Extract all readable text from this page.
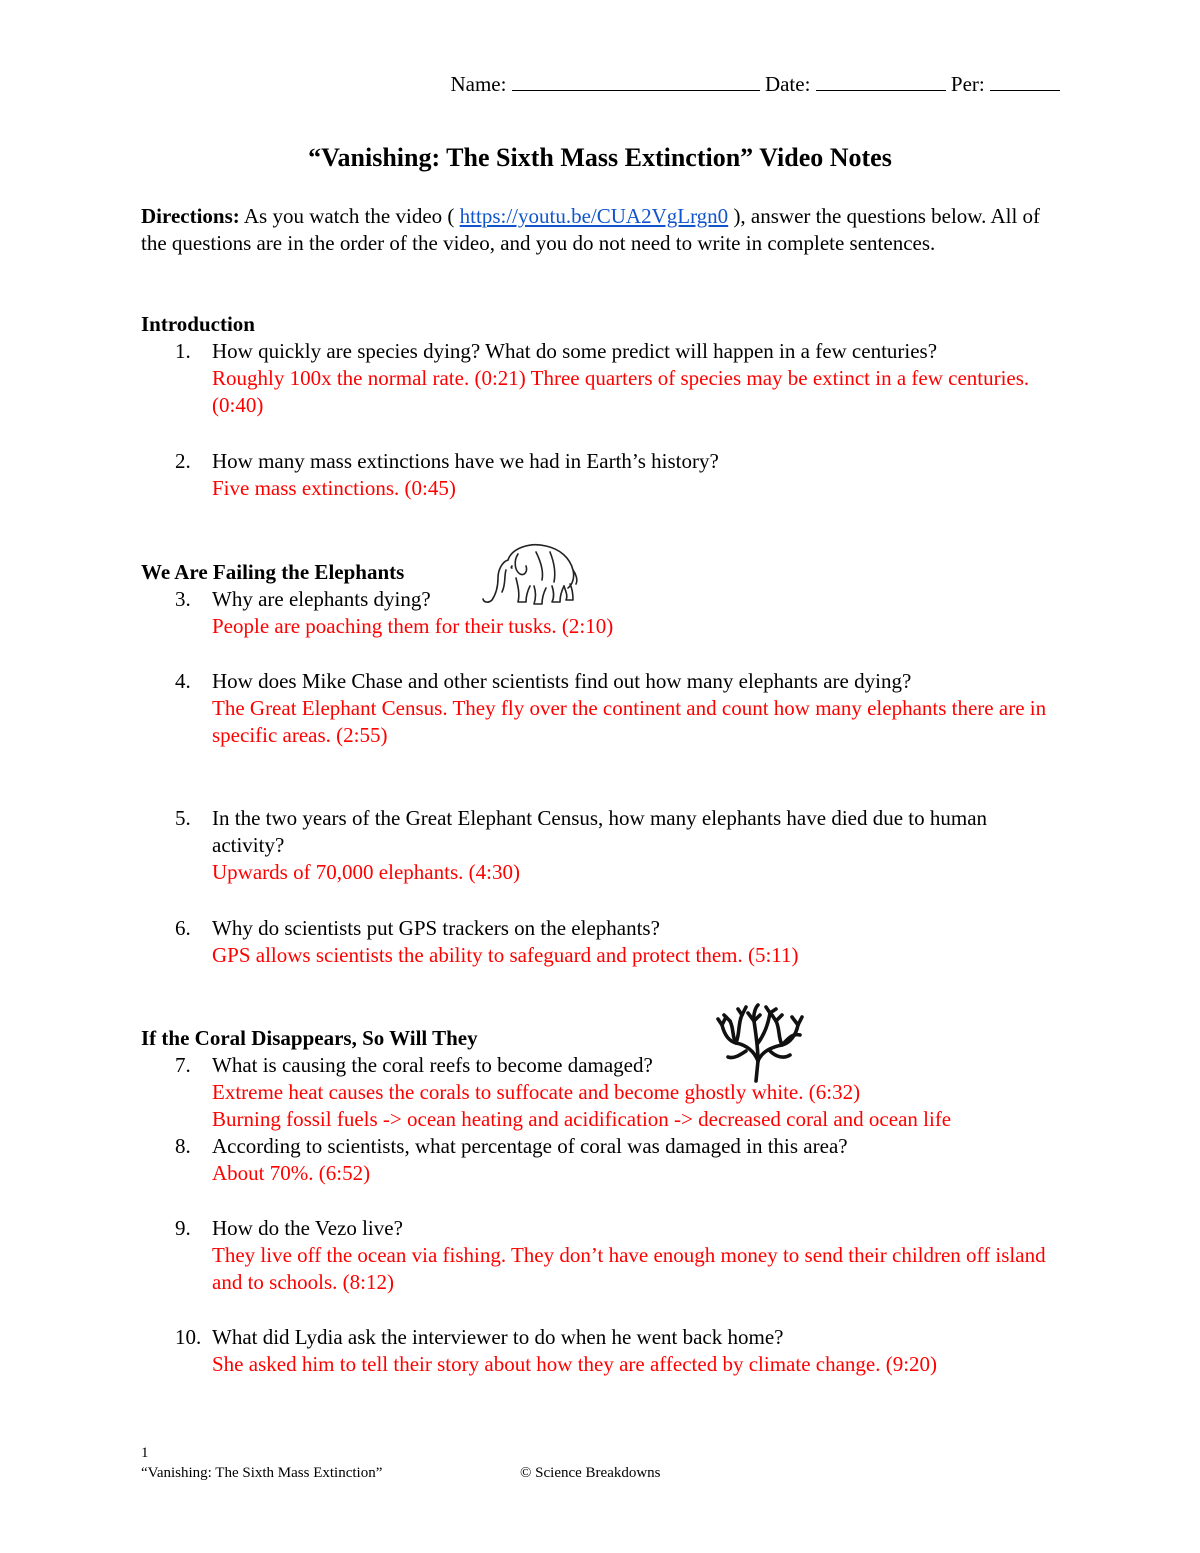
Name:	Date:	Per:
“Vanishing: The Sixth Mass Extinction” Video Notes
Directions: As you watch the video ( https://youtu.be/CUA2VgLrgn0 ), answer the questions below. All of the questions are in the order of the video, and you do not need to write in complete sentences.
Introduction
1. How quickly are species dying? What do some predict will happen in a few centuries?
Roughly 100x the normal rate. (0:21) Three quarters of species may be extinct in a few centuries. (0:40)
2. How many mass extinctions have we had in Earth’s history?
Five mass extinctions. (0:45)
We Are Failing the Elephants
3. Why are elephants dying?
People are poaching them for their tusks. (2:10)
4. How does Mike Chase and other scientists find out how many elephants are dying?
The Great Elephant Census. They fly over the continent and count how many elephants there are in specific areas. (2:55)
5. In the two years of the Great Elephant Census, how many elephants have died due to human activity?
Upwards of 70,000 elephants. (4:30)
6. Why do scientists put GPS trackers on the elephants?
GPS allows scientists the ability to safeguard and protect them. (5:11)
If the Coral Disappears, So Will They
7. What is causing the coral reefs to become damaged?
Extreme heat causes the corals to suffocate and become ghostly white. (6:32)
Burning fossil fuels -> ocean heating and acidification -> decreased coral and ocean life
8. According to scientists, what percentage of coral was damaged in this area?
About 70%. (6:52)
9. How do the Vezo live?
They live off the ocean via fishing. They don’t have enough money to send their children off island and to schools. (8:12)
10. What did Lydia ask the interviewer to do when he went back home?
She asked him to tell their story about how they are affected by climate change. (9:20)
1
“Vanishing: The Sixth Mass Extinction”	© Science Breakdowns
